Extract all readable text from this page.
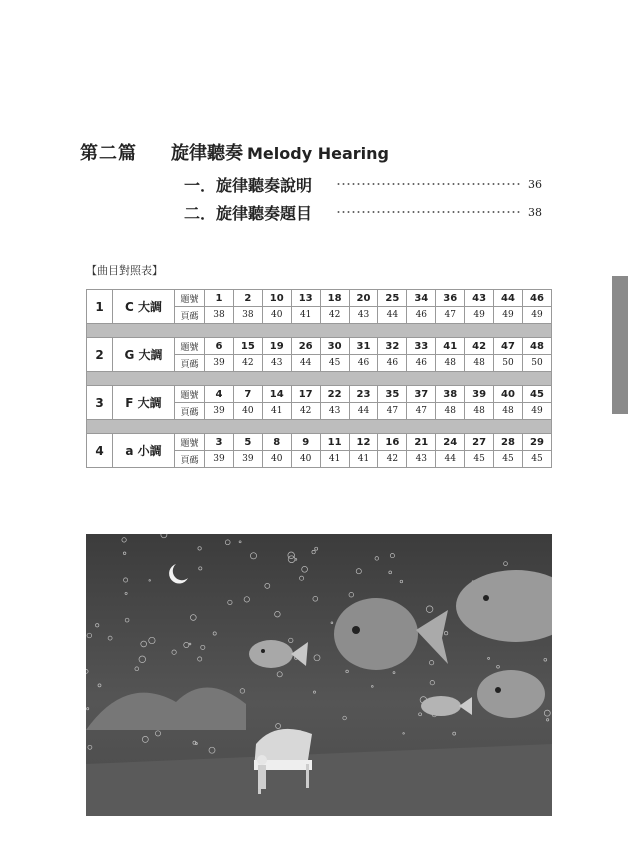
第二篇 旋律聽奏 Melody Hearing
一．旋律聽奏說明	36
二．旋律聽奏題目	38
【曲目對照表】
1	C 大調	題號	1	2	10	13	18	20	25	34	36	43	44	46
		頁碼	38	38	40	41	42	43	44	46	47	49	49	49

2	G 大調	題號	6	15	19	26	30	31	32	33	41	42	47	48
		頁碼	39	42	43	44	45	46	46	46	48	48	50	50

3	F 大調	題號	4	7	14	17	22	23	35	37	38	39	40	45
		頁碼	39	40	41	42	43	44	47	47	48	48	48	49

4	a 小調	題號	3	5	8	9	11	12	16	21	24	27	28	29
		頁碼	39	39	40	40	41	41	42	43	44	45	45	45
